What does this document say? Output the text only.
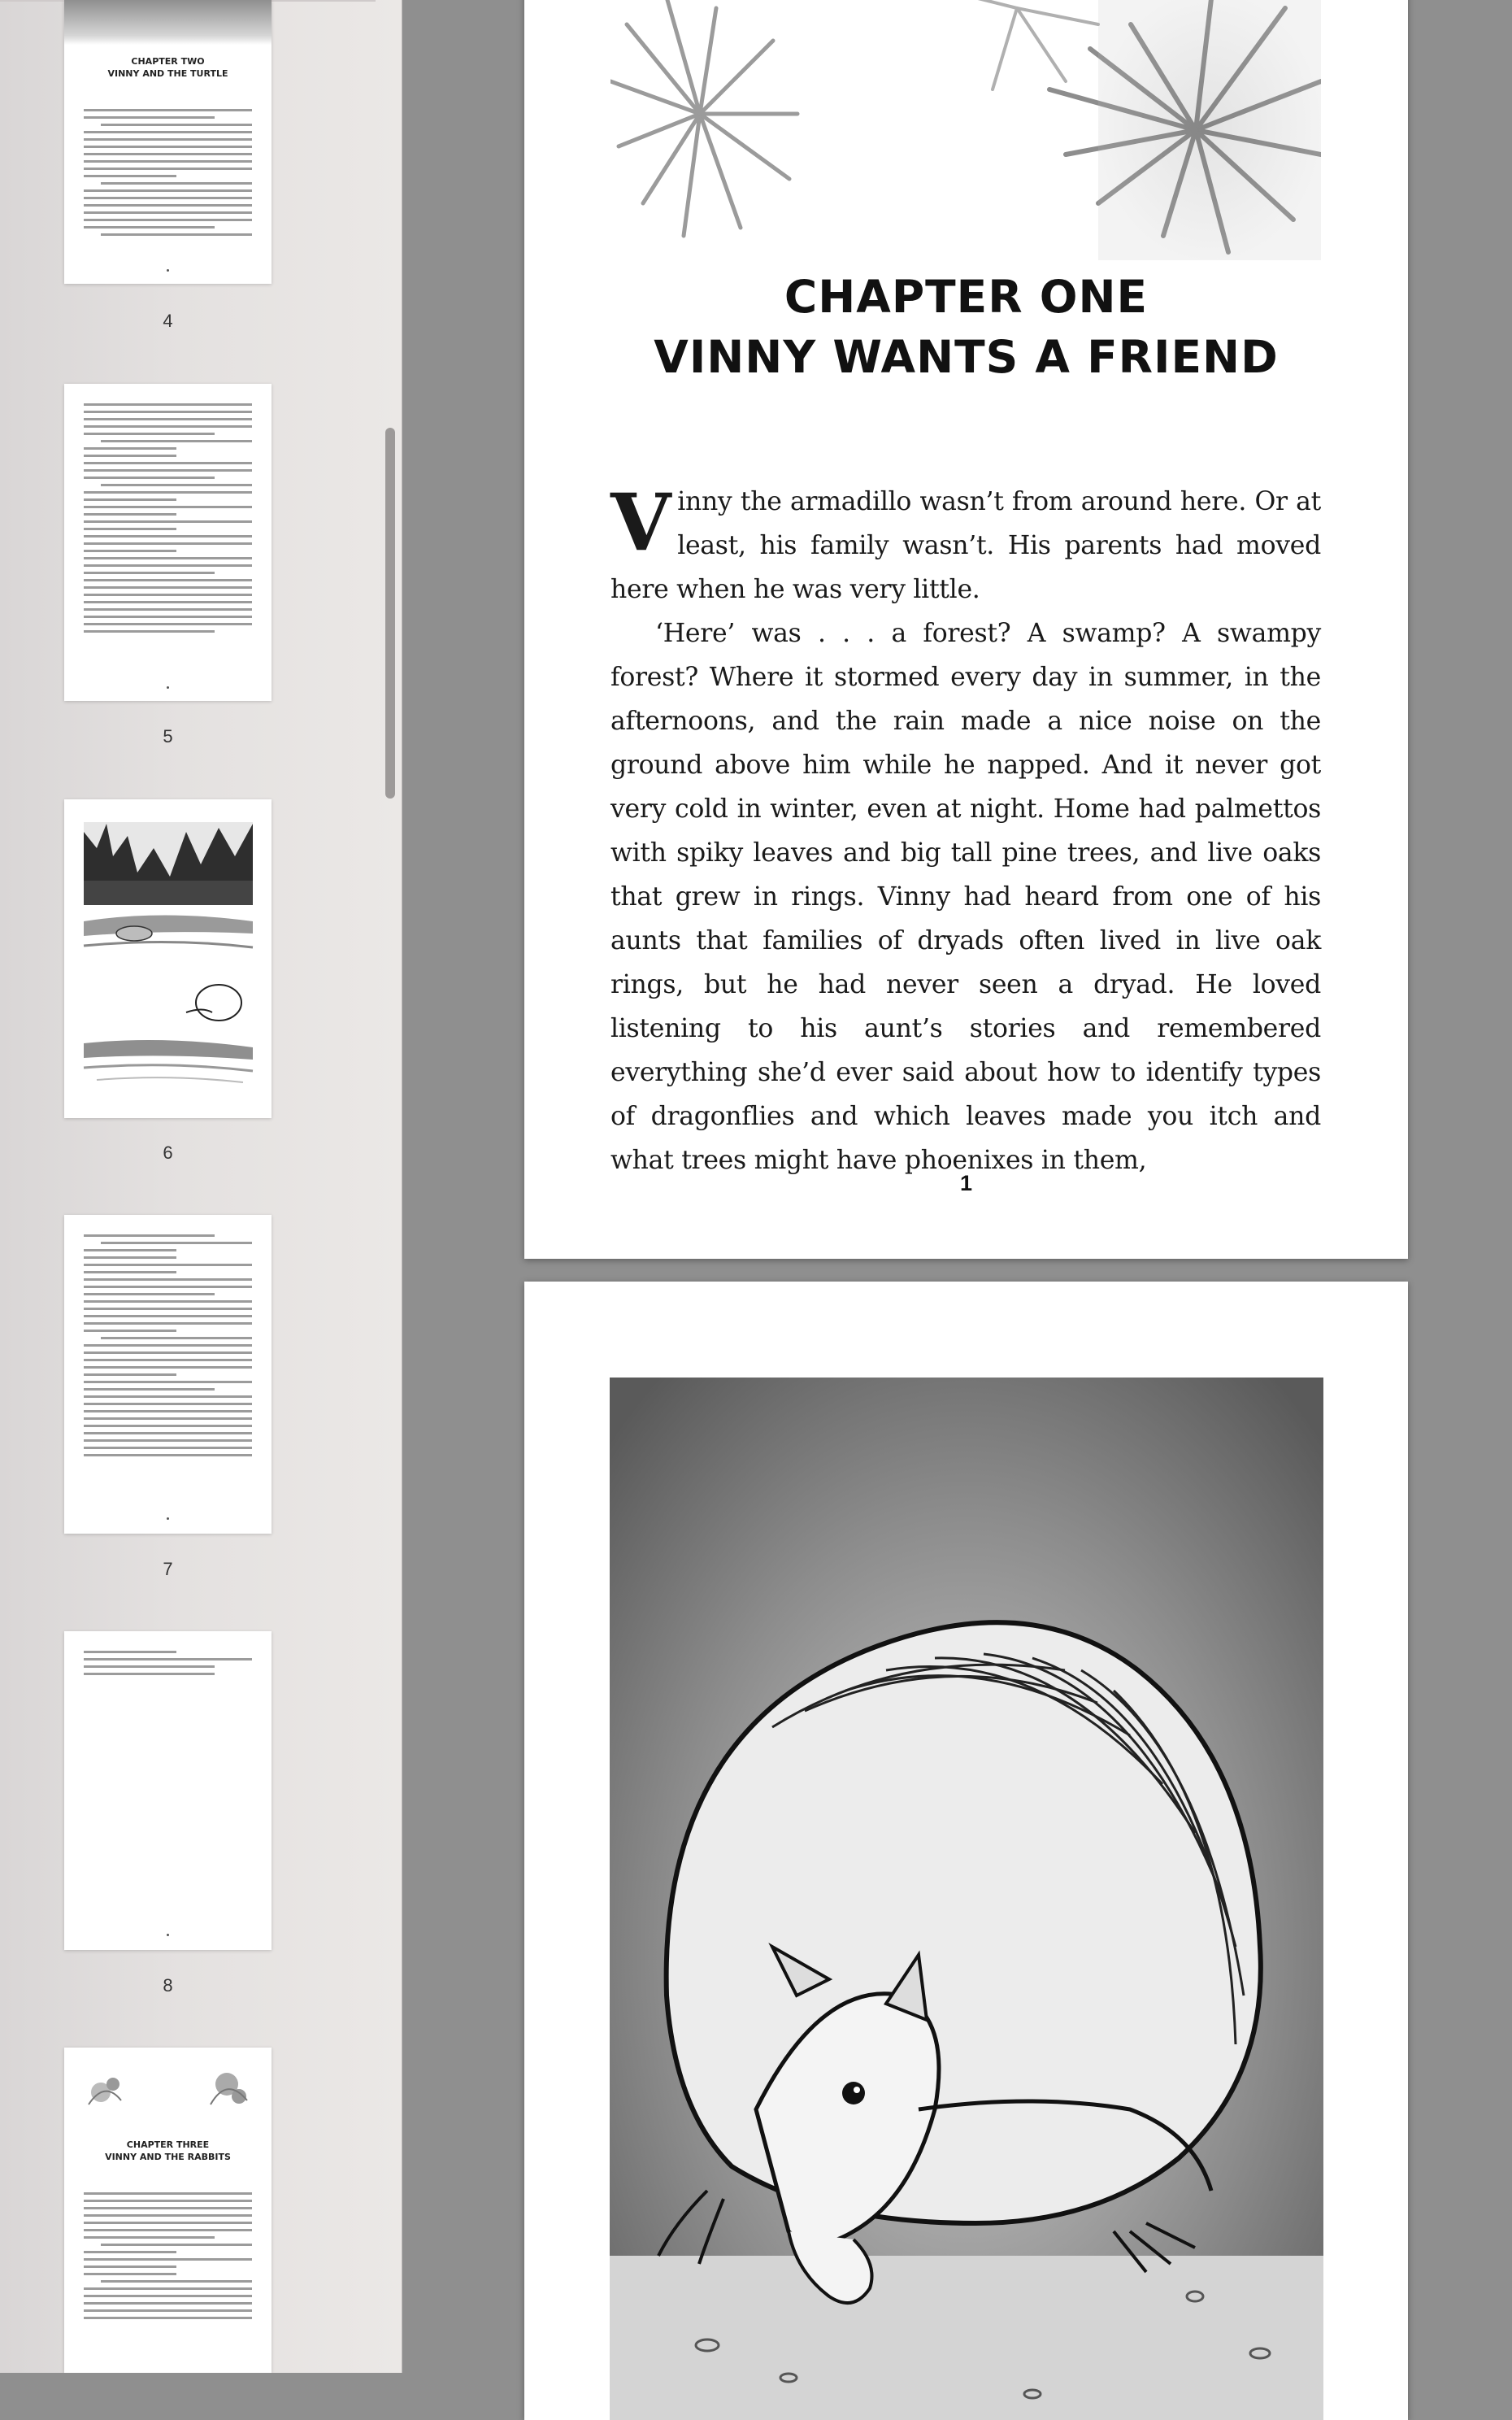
CHAPTER TWO
VINNY AND THE TURTLE
4
5
6
7
8
CHAPTER THREE
VINNY AND THE RABBITS
CHAPTER ONE
VINNY WANTS A FRIEND

Vinny the armadillo wasn’t from around here. Or at least, his family wasn’t. His parents had moved here when he was very little.

‘Here’ was . . . a forest? A swamp? A swampy forest? Where it stormed every day in summer, in the afternoons, and the rain made a nice noise on the ground above him while he napped. And it never got very cold in winter, even at night. Home had palmettos with spiky leaves and big tall pine trees, and live oaks that grew in rings. Vinny had heard from one of his aunts that families of dryads often lived in live oak rings, but he had never seen a dryad. He loved listening to his aunt’s stories and remembered everything she’d ever said about how to identify types of dragonflies and which leaves made you itch and what trees might have phoenixes in them,

1
